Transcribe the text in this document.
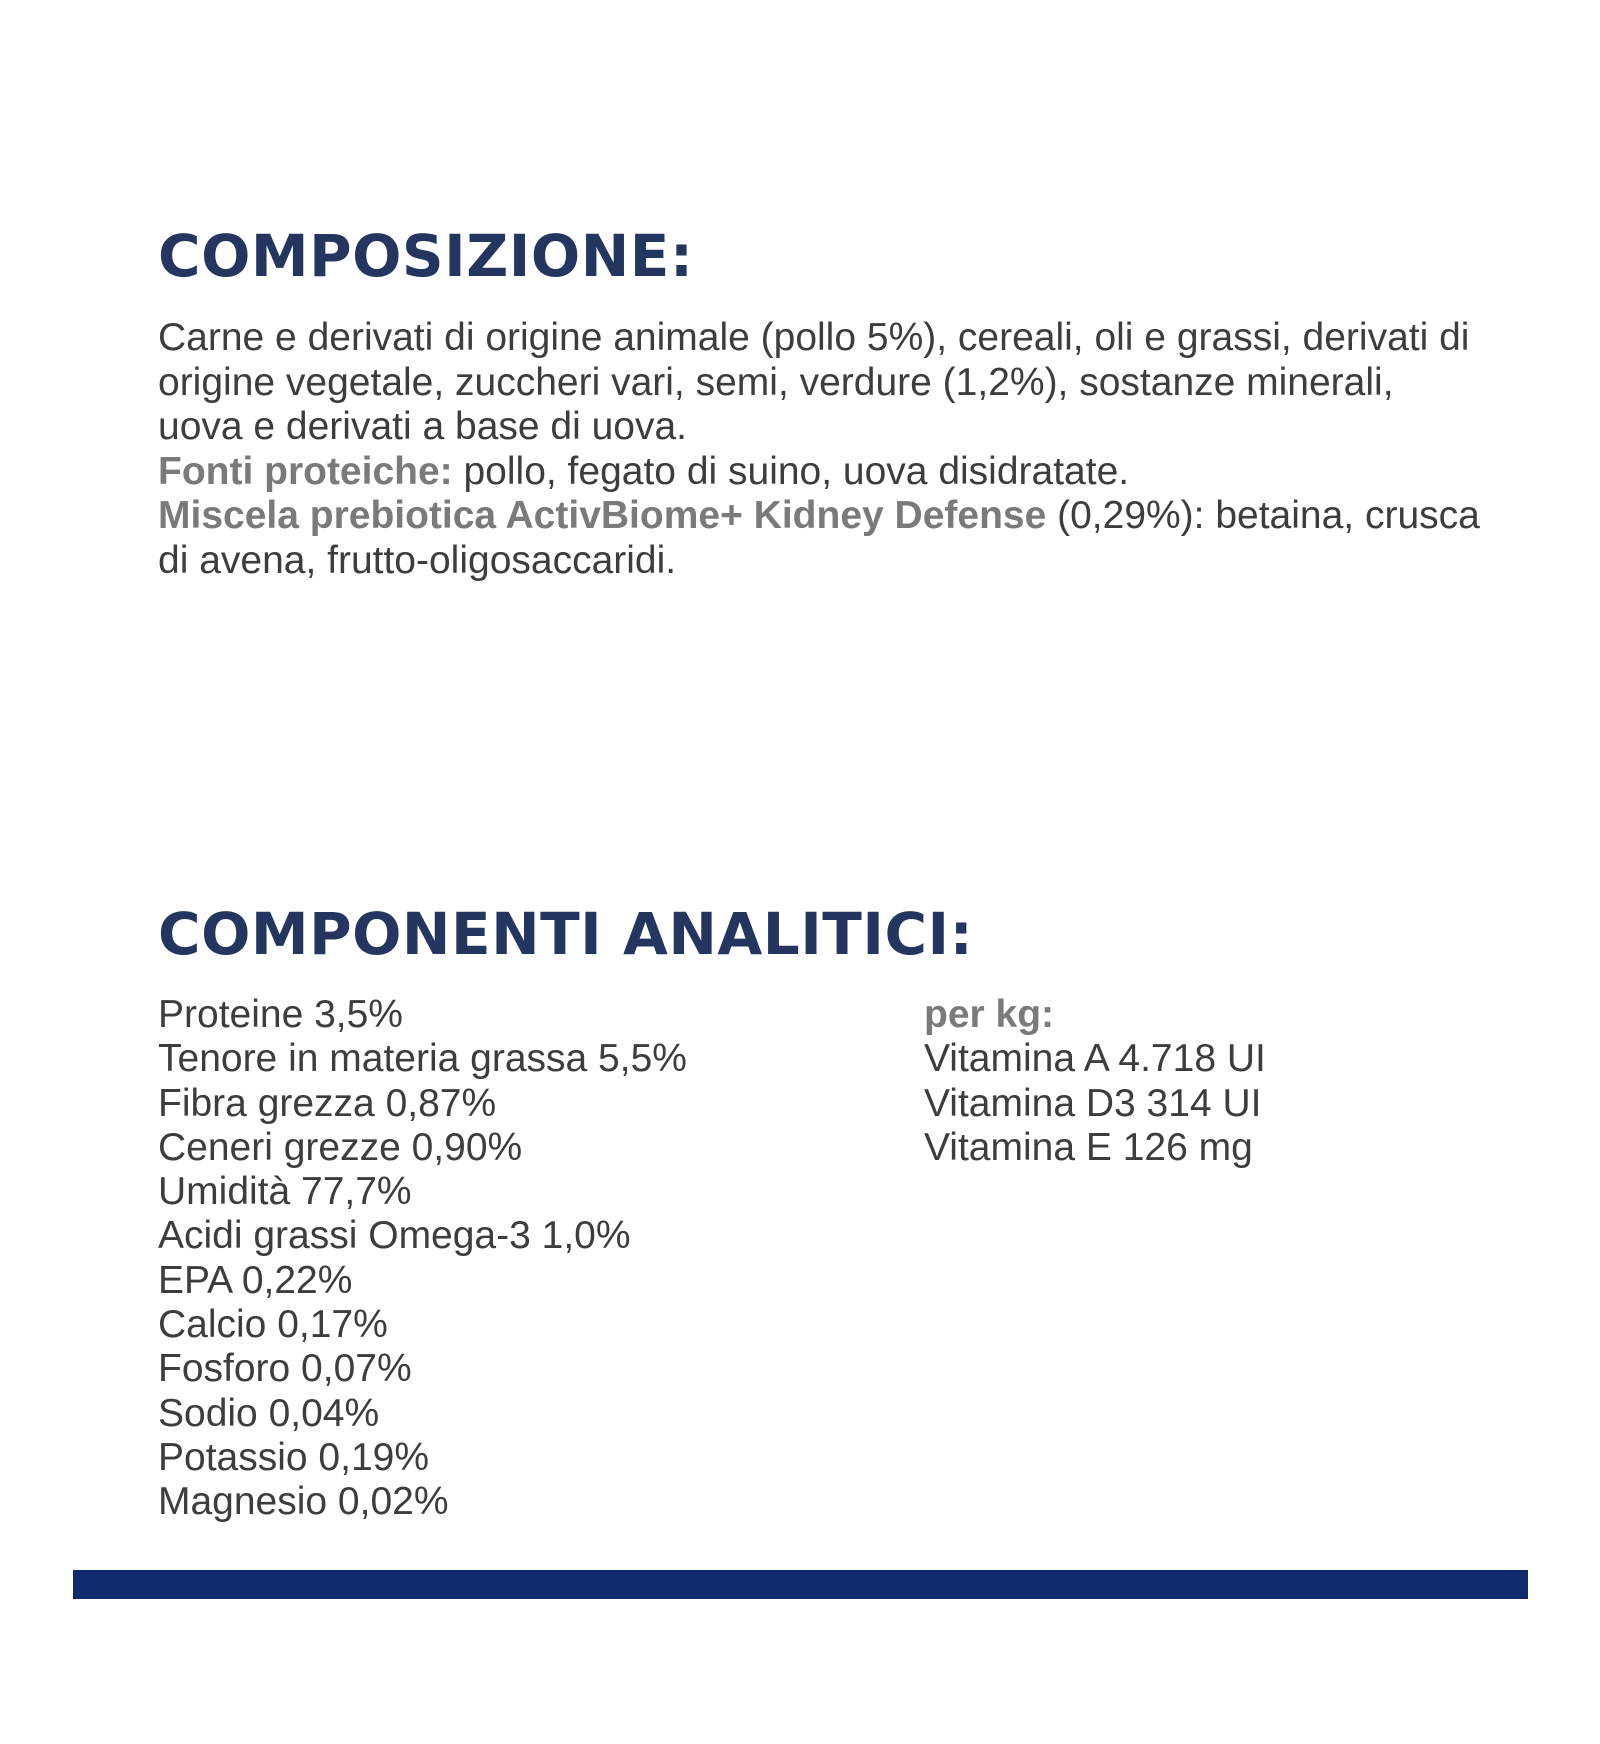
COMPOSIZIONE:

Carne e derivati di origine animale (pollo 5%), cereali, oli e grassi, derivati di origine vegetale, zuccheri vari, semi, verdure (1,2%), sostanze minerali, uova e derivati a base di uova.

Fonti proteiche: pollo, fegato di suino, uova disidratate.

Miscela prebiotica ActivBiome+ Kidney Defense (0,29%): betaina, crusca di avena, frutto-oligosaccaridi.

COMPONENTI ANALITICI:
Proteine 3,5%
Tenore in materia grassa 5,5%
Fibra grezza 0,87%
Ceneri grezze 0,90%
Umidità 77,7%
Acidi grassi Omega-3 1,0%
EPA 0,22%
Calcio 0,17%
Fosforo 0,07%
Sodio 0,04%
Potassio 0,19%
Magnesio 0,02%
per kg:
Vitamina A 4.718 UI
Vitamina D3 314 UI
Vitamina E 126 mg
